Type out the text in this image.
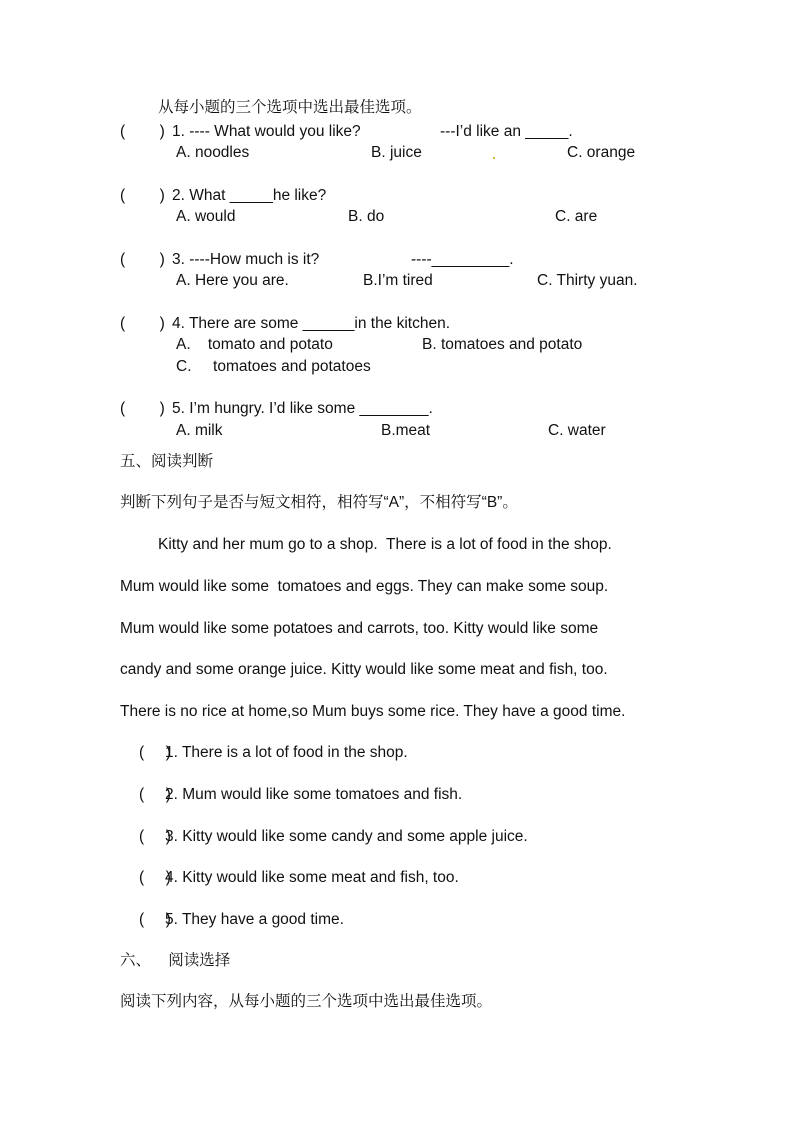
从每小题的三个选项中选出最佳选项。
(        ) 1. ---- What would you like?	---I’d like an _____.
A. noodles	B. juice	C. orange
(        ) 2. What _____he like?
A. would	B. do	C. are
(        ) 3. ----How much is it?	----_________.
A. Here you are.	B.I’m tired	C. Thirty yuan.
(        ) 4. There are some ______in the kitchen.
A.    tomato and potato	B. tomatoes and potato
C.     tomatoes and potatoes
(        ) 5. I’m hungry. I’d like some ________.
A. milk	B.meat	C. water
五、阅读判断
判断下列句子是否与短文相符，相符写“A”，不相符写“B”。
Kitty and her mum go to a shop.  There is a lot of food in the shop.
Mum would like some  tomatoes and eggs. They can make some soup.
Mum would like some potatoes and carrots, too. Kitty would like some
candy and some orange juice. Kitty would like some meat and fish, too.
There is no rice at home,so Mum buys some rice. They have a good time.
(     )
1. There is a lot of food in the shop.
(     )
2. Mum would like some tomatoes and fish.
(     )
3. Kitty would like some candy and some apple juice.
(     )
4. Kitty would like some meat and fish, too.
(     )
5. They have a good time.
六、    阅读选择
阅读下列内容，从每小题的三个选项中选出最佳选项。
